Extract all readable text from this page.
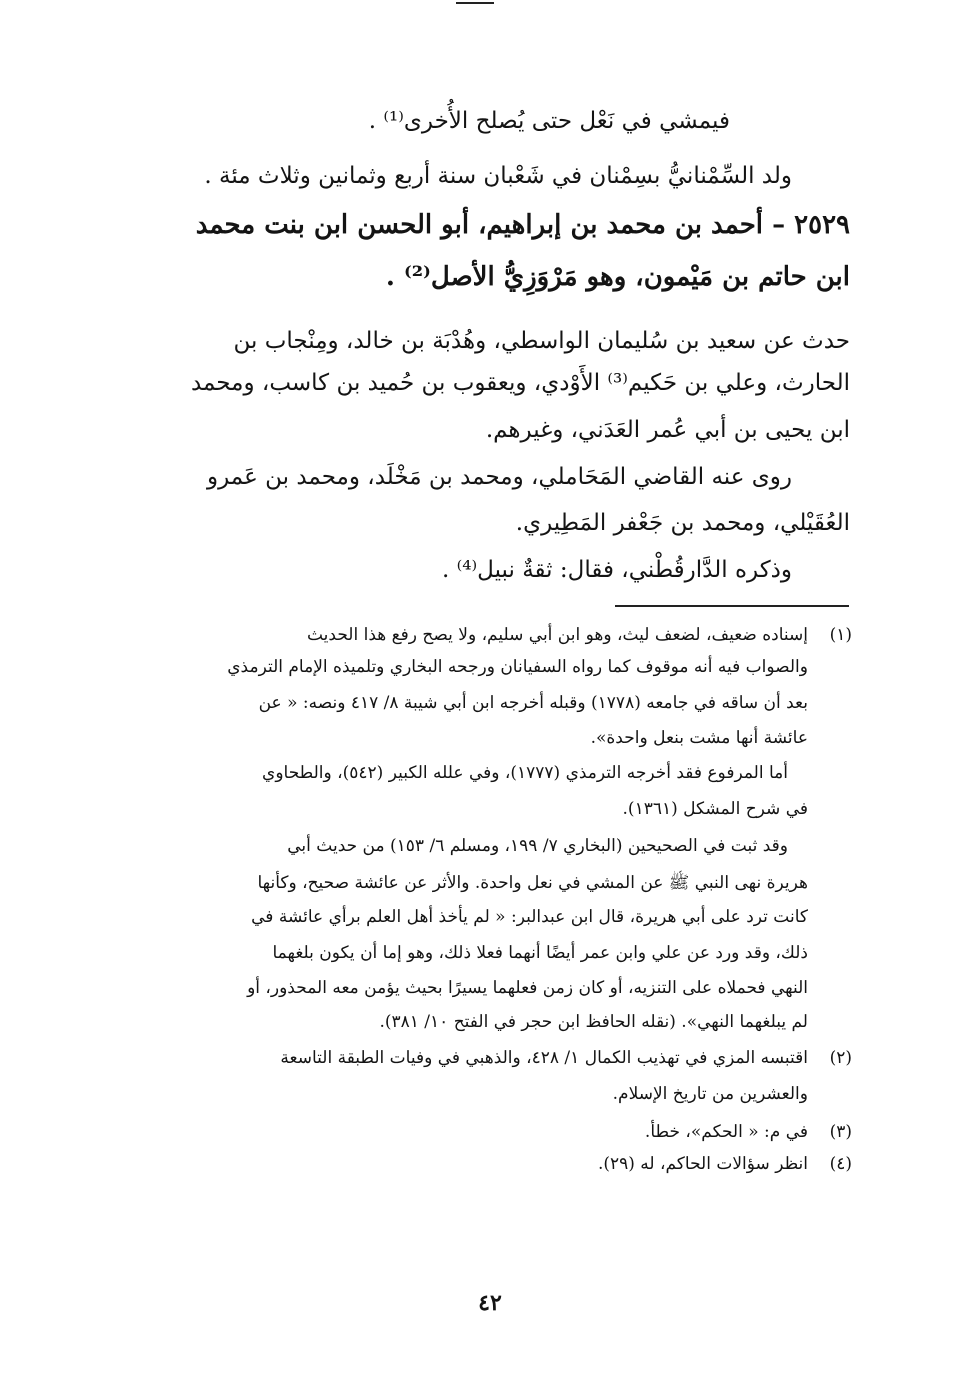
فيمشي في نَعْل حتى يُصلح الأُخرى⁽¹⁾ .
ولد السِّمْنانيُّ بسِمْنان في شَعْبان سنة أربع وثمانين وثلاث مئة .
٢٥٢٩ – أحمد بن محمد بن إبراهيم، أبو الحسن ابن بنت محمد
ابن حاتم بن مَيْمون، وهو مَرْوَزِيُّ الأصل⁽²⁾ .
حدث عن سعيد بن سُليمان الواسطي، وهُدْبَة بن خالد، ومِنْجاب بن
الحارث، وعلي بن حَكيم⁽³⁾ الأَوْدي، ويعقوب بن حُميد بن كاسب، ومحمد
ابن يحيى بن أبي عُمر العَدَني، وغيرهم.
روى عنه القاضي المَحَاملي، ومحمد بن مَخْلَد، ومحمد بن عَمرو
العُقَيْلي، ومحمد بن جَعْفر المَطِيري.
وذكره الدَّارقُطْني، فقال: ثقةٌ نبيل⁽⁴⁾ .
(١)
إسناده ضعيف، لضعف ليث، وهو ابن أبي سليم، ولا يصح رفع هذا الحديث
والصواب فيه أنه موقوف كما رواه السفيانان ورجحه البخاري وتلميذه الإمام الترمذي
بعد أن ساقه في جامعه (١٧٧٨) وقبله أخرجه ابن أبي شيبة ٨/ ٤١٧ ونصه: « عن
عائشة أنها مشت بنعل واحدة».
أما المرفوع فقد أخرجه الترمذي (١٧٧٧)، وفي علله الكبير (٥٤٢)، والطحاوي
في شرح المشكل (١٣٦١).
وقد ثبت في الصحيحين (البخاري ٧/ ١٩٩، ومسلم ٦/ ١٥٣) من حديث أبي
هريرة نهى النبي ﷺ عن المشي في نعل واحدة. والأثر عن عائشة صحيح، وكأنها
كانت ترد على أبي هريرة، قال ابن عبدالبر: « لم يأخذ أهل العلم برأي عائشة في
ذلك، وقد ورد عن علي وابن عمر أيضًا أنهما فعلا ذلك، وهو إما أن يكون بلغهما
النهي فحملاه على التنزيه، أو كان زمن فعلهما يسيرًا بحيث يؤمن معه المحذور، أو
لم يبلغهما النهي». (نقله الحافظ ابن حجر في الفتح ١٠/ ٣٨١).
(٢)
اقتبسه المزي في تهذيب الكمال ١/ ٤٢٨، والذهبي في وفيات الطبقة التاسعة
والعشرين من تاريخ الإسلام.
(٣)
في م: « الحكم»، خطأ.
(٤)
انظر سؤالات الحاكم، له (٢٩).
٤٢
